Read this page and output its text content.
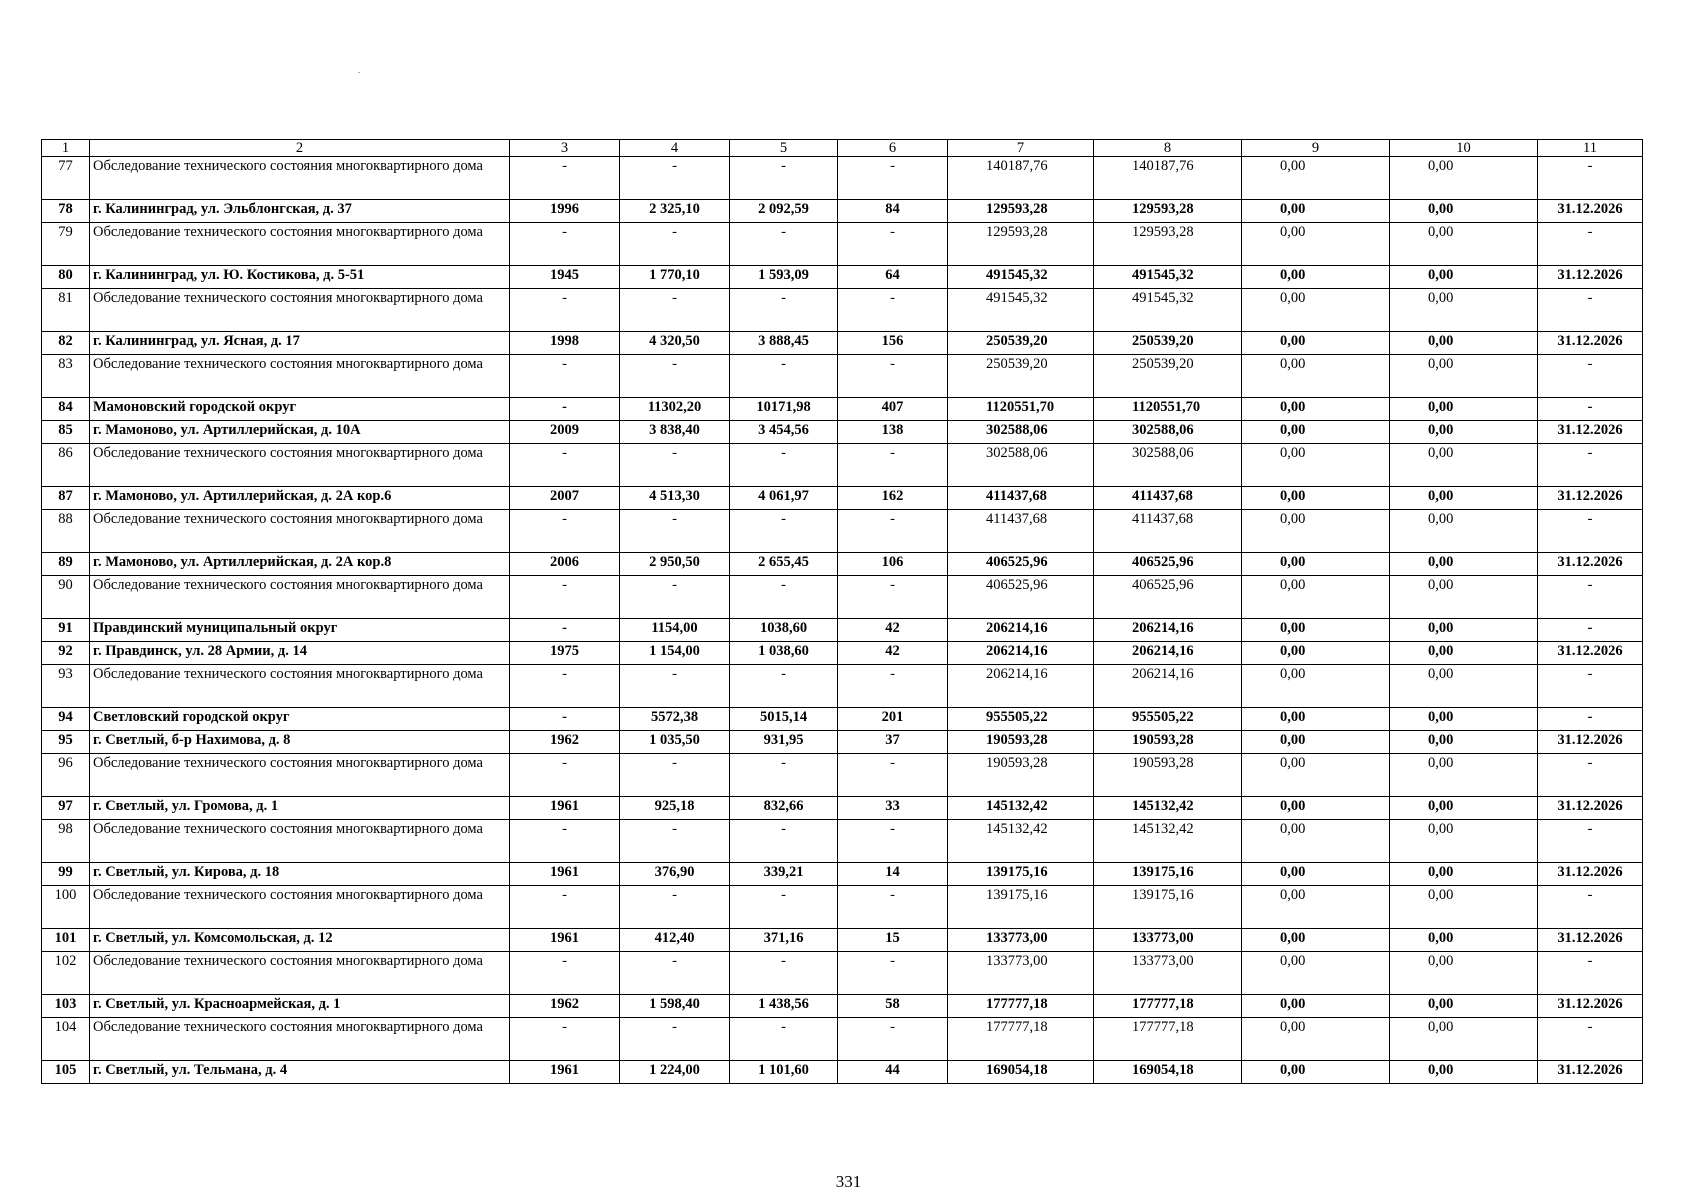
1	2	3	4	5	6	7	8	9	10	11
77	Обследование технического состояния многоквартирного дома	-	-	-	-	140187,76	140187,76	0,00	0,00	-
78	г. Калининград, ул. Эльблонгская, д. 37	1996	2 325,10	2 092,59	84	129593,28	129593,28	0,00	0,00	31.12.2026
79	Обследование технического состояния многоквартирного дома	-	-	-	-	129593,28	129593,28	0,00	0,00	-
80	г. Калининград, ул. Ю. Костикова, д. 5-51	1945	1 770,10	1 593,09	64	491545,32	491545,32	0,00	0,00	31.12.2026
81	Обследование технического состояния многоквартирного дома	-	-	-	-	491545,32	491545,32	0,00	0,00	-
82	г. Калининград, ул. Ясная, д. 17	1998	4 320,50	3 888,45	156	250539,20	250539,20	0,00	0,00	31.12.2026
83	Обследование технического состояния многоквартирного дома	-	-	-	-	250539,20	250539,20	0,00	0,00	-
84	Мамоновский городской округ	-	11302,20	10171,98	407	1120551,70	1120551,70	0,00	0,00	-
85	г. Мамоново, ул. Артиллерийская, д. 10А	2009	3 838,40	3 454,56	138	302588,06	302588,06	0,00	0,00	31.12.2026
86	Обследование технического состояния многоквартирного дома	-	-	-	-	302588,06	302588,06	0,00	0,00	-
87	г. Мамоново, ул. Артиллерийская, д. 2А кор.6	2007	4 513,30	4 061,97	162	411437,68	411437,68	0,00	0,00	31.12.2026
88	Обследование технического состояния многоквартирного дома	-	-	-	-	411437,68	411437,68	0,00	0,00	-
89	г. Мамоново, ул. Артиллерийская, д. 2А кор.8	2006	2 950,50	2 655,45	106	406525,96	406525,96	0,00	0,00	31.12.2026
90	Обследование технического состояния многоквартирного дома	-	-	-	-	406525,96	406525,96	0,00	0,00	-
91	Правдинский муниципальный округ	-	1154,00	1038,60	42	206214,16	206214,16	0,00	0,00	-
92	г. Правдинск, ул. 28 Армии, д. 14	1975	1 154,00	1 038,60	42	206214,16	206214,16	0,00	0,00	31.12.2026
93	Обследование технического состояния многоквартирного дома	-	-	-	-	206214,16	206214,16	0,00	0,00	-
94	Светловский городской округ	-	5572,38	5015,14	201	955505,22	955505,22	0,00	0,00	-
95	г. Светлый, б-р Нахимова, д. 8	1962	1 035,50	931,95	37	190593,28	190593,28	0,00	0,00	31.12.2026
96	Обследование технического состояния многоквартирного дома	-	-	-	-	190593,28	190593,28	0,00	0,00	-
97	г. Светлый, ул. Громова, д. 1	1961	925,18	832,66	33	145132,42	145132,42	0,00	0,00	31.12.2026
98	Обследование технического состояния многоквартирного дома	-	-	-	-	145132,42	145132,42	0,00	0,00	-
99	г. Светлый, ул. Кирова, д. 18	1961	376,90	339,21	14	139175,16	139175,16	0,00	0,00	31.12.2026
100	Обследование технического состояния многоквартирного дома	-	-	-	-	139175,16	139175,16	0,00	0,00	-
101	г. Светлый, ул. Комсомольская, д. 12	1961	412,40	371,16	15	133773,00	133773,00	0,00	0,00	31.12.2026
102	Обследование технического состояния многоквартирного дома	-	-	-	-	133773,00	133773,00	0,00	0,00	-
103	г. Светлый, ул. Красноармейская, д. 1	1962	1 598,40	1 438,56	58	177777,18	177777,18	0,00	0,00	31.12.2026
104	Обследование технического состояния многоквартирного дома	-	-	-	-	177777,18	177777,18	0,00	0,00	-
105	г. Светлый, ул. Тельмана, д. 4	1961	1 224,00	1 101,60	44	169054,18	169054,18	0,00	0,00	31.12.2026
331
